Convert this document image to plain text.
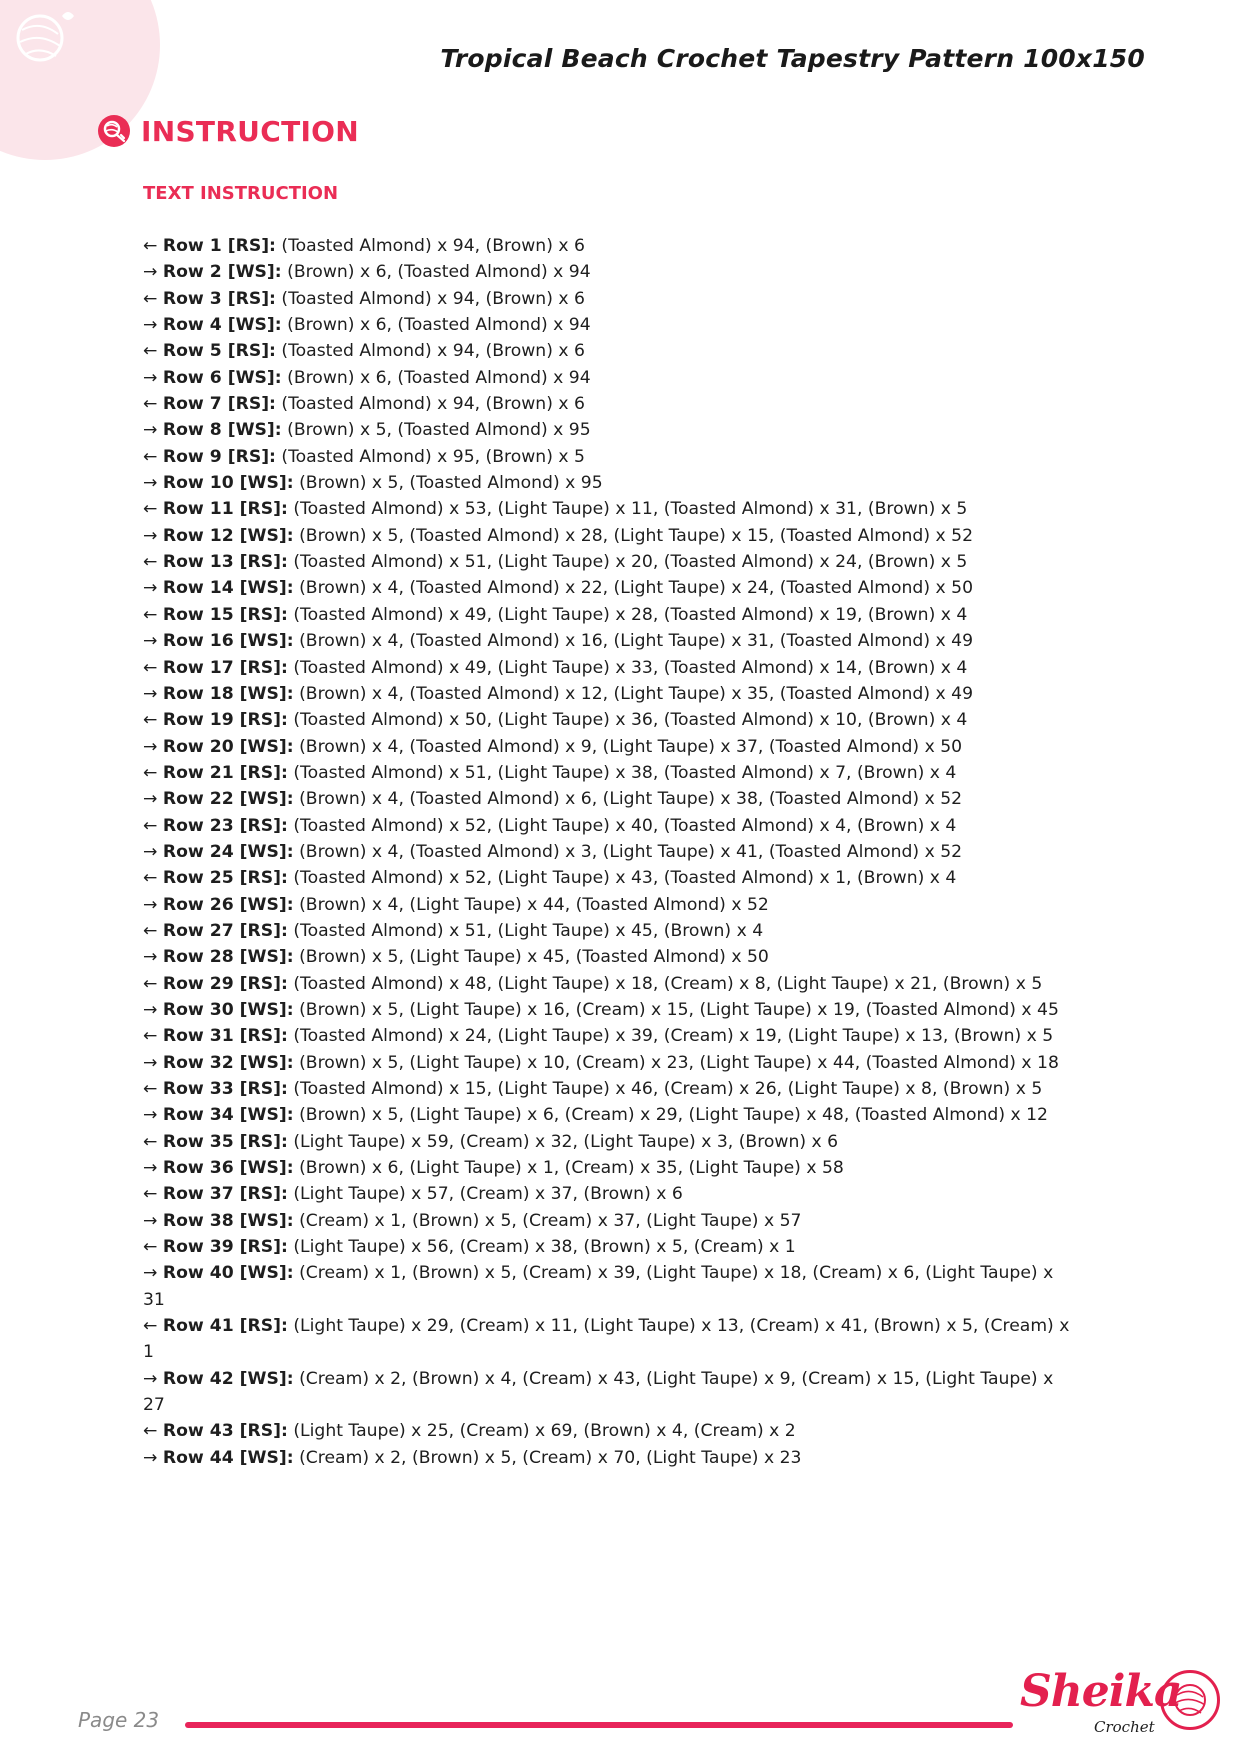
Tropical Beach Crochet Tapestry Pattern 100x150
INSTRUCTION
TEXT INSTRUCTION
← Row 1 [RS]: (Toasted Almond) x 94, (Brown) x 6
→ Row 2 [WS]: (Brown) x 6, (Toasted Almond) x 94
← Row 3 [RS]: (Toasted Almond) x 94, (Brown) x 6
→ Row 4 [WS]: (Brown) x 6, (Toasted Almond) x 94
← Row 5 [RS]: (Toasted Almond) x 94, (Brown) x 6
→ Row 6 [WS]: (Brown) x 6, (Toasted Almond) x 94
← Row 7 [RS]: (Toasted Almond) x 94, (Brown) x 6
→ Row 8 [WS]: (Brown) x 5, (Toasted Almond) x 95
← Row 9 [RS]: (Toasted Almond) x 95, (Brown) x 5
→ Row 10 [WS]: (Brown) x 5, (Toasted Almond) x 95
← Row 11 [RS]: (Toasted Almond) x 53, (Light Taupe) x 11, (Toasted Almond) x 31, (Brown) x 5
→ Row 12 [WS]: (Brown) x 5, (Toasted Almond) x 28, (Light Taupe) x 15, (Toasted Almond) x 52
← Row 13 [RS]: (Toasted Almond) x 51, (Light Taupe) x 20, (Toasted Almond) x 24, (Brown) x 5
→ Row 14 [WS]: (Brown) x 4, (Toasted Almond) x 22, (Light Taupe) x 24, (Toasted Almond) x 50
← Row 15 [RS]: (Toasted Almond) x 49, (Light Taupe) x 28, (Toasted Almond) x 19, (Brown) x 4
→ Row 16 [WS]: (Brown) x 4, (Toasted Almond) x 16, (Light Taupe) x 31, (Toasted Almond) x 49
← Row 17 [RS]: (Toasted Almond) x 49, (Light Taupe) x 33, (Toasted Almond) x 14, (Brown) x 4
→ Row 18 [WS]: (Brown) x 4, (Toasted Almond) x 12, (Light Taupe) x 35, (Toasted Almond) x 49
← Row 19 [RS]: (Toasted Almond) x 50, (Light Taupe) x 36, (Toasted Almond) x 10, (Brown) x 4
→ Row 20 [WS]: (Brown) x 4, (Toasted Almond) x 9, (Light Taupe) x 37, (Toasted Almond) x 50
← Row 21 [RS]: (Toasted Almond) x 51, (Light Taupe) x 38, (Toasted Almond) x 7, (Brown) x 4
→ Row 22 [WS]: (Brown) x 4, (Toasted Almond) x 6, (Light Taupe) x 38, (Toasted Almond) x 52
← Row 23 [RS]: (Toasted Almond) x 52, (Light Taupe) x 40, (Toasted Almond) x 4, (Brown) x 4
→ Row 24 [WS]: (Brown) x 4, (Toasted Almond) x 3, (Light Taupe) x 41, (Toasted Almond) x 52
← Row 25 [RS]: (Toasted Almond) x 52, (Light Taupe) x 43, (Toasted Almond) x 1, (Brown) x 4
→ Row 26 [WS]: (Brown) x 4, (Light Taupe) x 44, (Toasted Almond) x 52
← Row 27 [RS]: (Toasted Almond) x 51, (Light Taupe) x 45, (Brown) x 4
→ Row 28 [WS]: (Brown) x 5, (Light Taupe) x 45, (Toasted Almond) x 50
← Row 29 [RS]: (Toasted Almond) x 48, (Light Taupe) x 18, (Cream) x 8, (Light Taupe) x 21, (Brown) x 5
→ Row 30 [WS]: (Brown) x 5, (Light Taupe) x 16, (Cream) x 15, (Light Taupe) x 19, (Toasted Almond) x 45
← Row 31 [RS]: (Toasted Almond) x 24, (Light Taupe) x 39, (Cream) x 19, (Light Taupe) x 13, (Brown) x 5
→ Row 32 [WS]: (Brown) x 5, (Light Taupe) x 10, (Cream) x 23, (Light Taupe) x 44, (Toasted Almond) x 18
← Row 33 [RS]: (Toasted Almond) x 15, (Light Taupe) x 46, (Cream) x 26, (Light Taupe) x 8, (Brown) x 5
→ Row 34 [WS]: (Brown) x 5, (Light Taupe) x 6, (Cream) x 29, (Light Taupe) x 48, (Toasted Almond) x 12
← Row 35 [RS]: (Light Taupe) x 59, (Cream) x 32, (Light Taupe) x 3, (Brown) x 6
→ Row 36 [WS]: (Brown) x 6, (Light Taupe) x 1, (Cream) x 35, (Light Taupe) x 58
← Row 37 [RS]: (Light Taupe) x 57, (Cream) x 37, (Brown) x 6
→ Row 38 [WS]: (Cream) x 1, (Brown) x 5, (Cream) x 37, (Light Taupe) x 57
← Row 39 [RS]: (Light Taupe) x 56, (Cream) x 38, (Brown) x 5, (Cream) x 1
→ Row 40 [WS]: (Cream) x 1, (Brown) x 5, (Cream) x 39, (Light Taupe) x 18, (Cream) x 6, (Light Taupe) x 31
← Row 41 [RS]: (Light Taupe) x 29, (Cream) x 11, (Light Taupe) x 13, (Cream) x 41, (Brown) x 5, (Cream) x 1
→ Row 42 [WS]: (Cream) x 2, (Brown) x 4, (Cream) x 43, (Light Taupe) x 9, (Cream) x 15, (Light Taupe) x 27
← Row 43 [RS]: (Light Taupe) x 25, (Cream) x 69, (Brown) x 4, (Cream) x 2
→ Row 44 [WS]: (Cream) x 2, (Brown) x 5, (Cream) x 70, (Light Taupe) x 23
Page 23
Sheika
Crochet
